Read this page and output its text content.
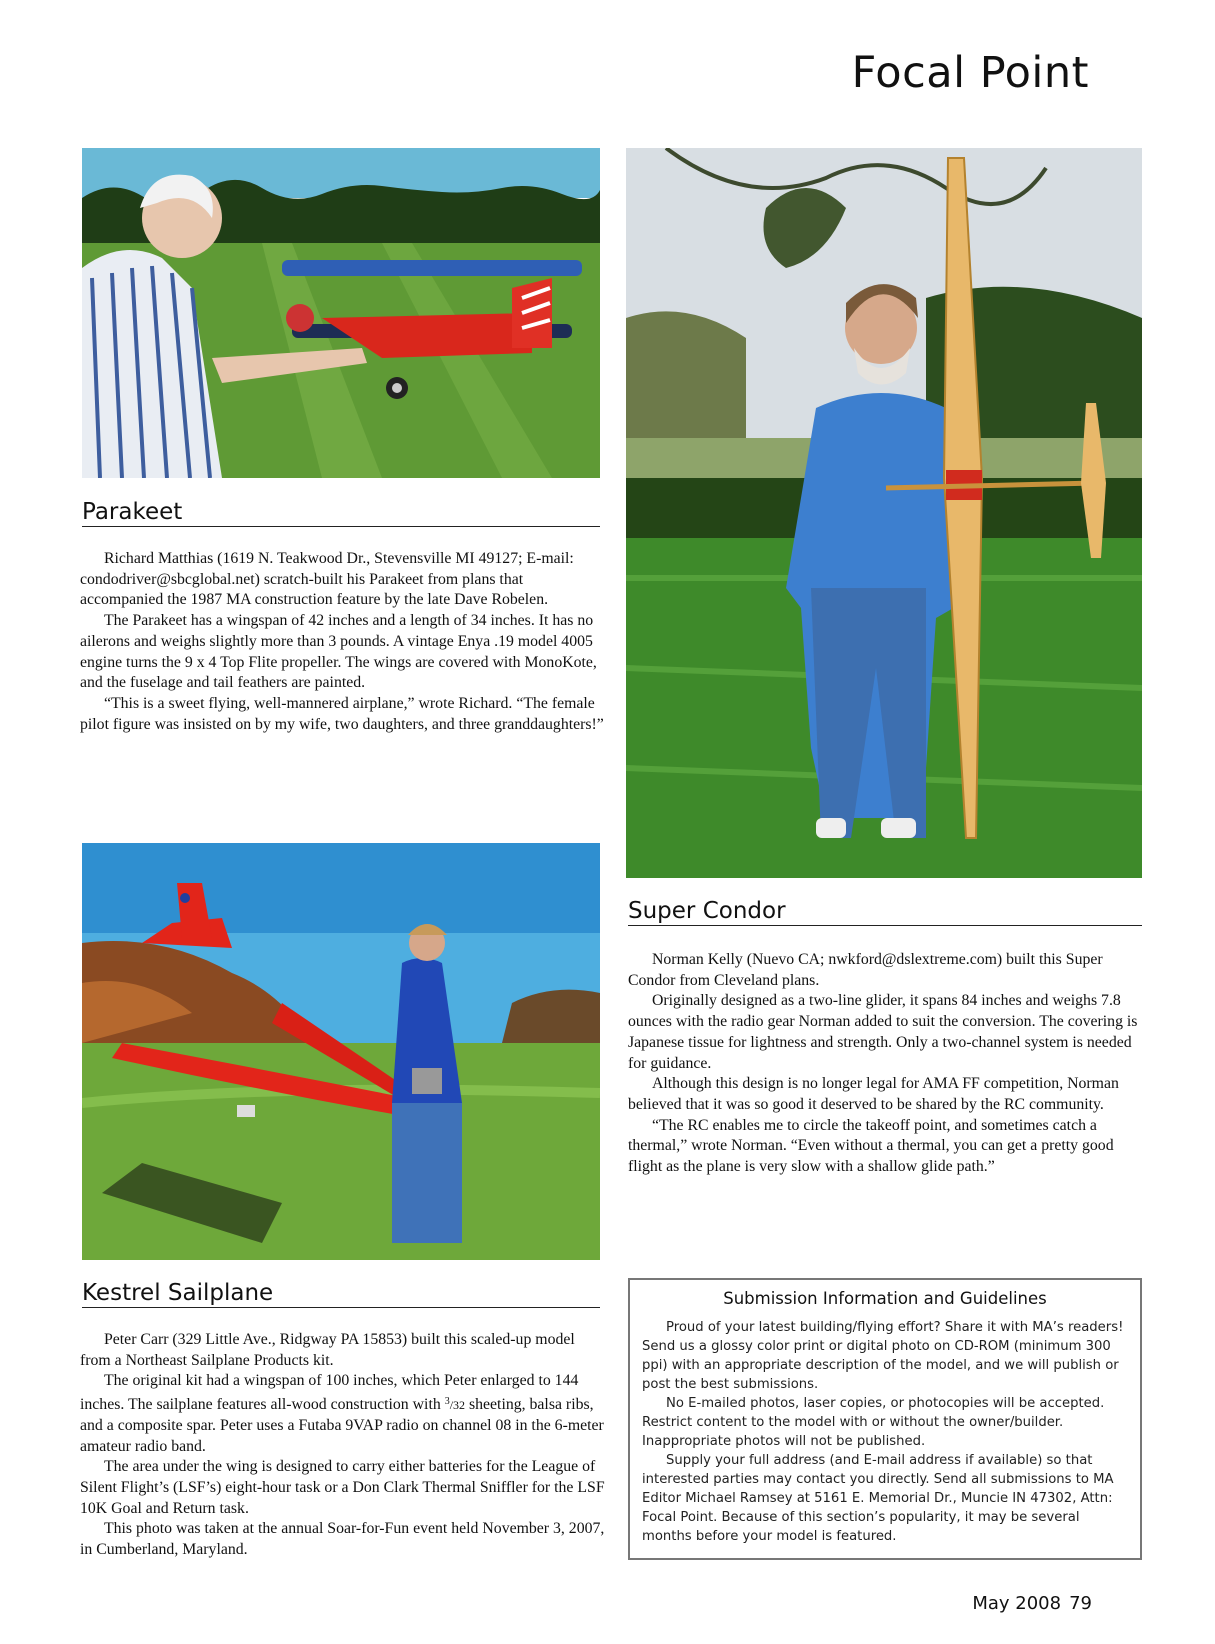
Focal Point
Parakeet

Richard Matthias (1619 N. Teakwood Dr., Stevensville MI 49127; E-mail: condodriver@sbcglobal.net) scratch-built his Parakeet from plans that accompanied the 1987 MA construction feature by the late Dave Robelen.

The Parakeet has a wingspan of 42 inches and a length of 34 inches. It has no ailerons and weighs slightly more than 3 pounds. A vintage Enya .19 model 4005 engine turns the 9 x 4 Top Flite propeller. The wings are covered with MonoKote, and the fuselage and tail feathers are painted.

“This is a sweet flying, well-mannered airplane,” wrote Richard. “The female pilot figure was insisted on by my wife, two daughters, and three granddaughters!”

Super Condor

Norman Kelly (Nuevo CA; nwkford@dslextreme.com) built this Super Condor from Cleveland plans.

Originally designed as a two-line glider, it spans 84 inches and weighs 7.8 ounces with the radio gear Norman added to suit the conversion. The covering is Japanese tissue for lightness and strength. Only a two-channel system is needed for guidance.

Although this design is no longer legal for AMA FF competition, Norman believed that it was so good it deserved to be shared by the RC community.

“The RC enables me to circle the takeoff point, and sometimes catch a thermal,” wrote Norman. “Even without a thermal, you can get a pretty good flight as the plane is very slow with a shallow glide path.”

Kestrel Sailplane

Peter Carr (329 Little Ave., Ridgway PA 15853) built this scaled-up model from a Northeast Sailplane Products kit.

The original kit had a wingspan of 100 inches, which Peter enlarged to 144 inches. The sailplane features all-wood construction with $^3$/32 sheeting, balsa ribs, and a composite spar. Peter uses a Futaba 9VAP radio on channel 08 in the 6-meter amateur radio band.

The area under the wing is designed to carry either batteries for the League of Silent Flight’s (LSF’s) eight-hour task or a Don Clark Thermal Sniffler for the LSF 10K Goal and Return task.

This photo was taken at the annual Soar-for-Fun event held November 3, 2007, in Cumberland, Maryland.

Submission Information and Guidelines

Proud of your latest building/flying effort? Share it with MA’s readers! Send us a glossy color print or digital photo on CD-ROM (minimum 300 ppi) with an appropriate description of the model, and we will publish or post the best submissions.

No E-mailed photos, laser copies, or photocopies will be accepted. Restrict content to the model with or without the owner/builder. Inappropriate photos will not be published.

Supply your full address (and E-mail address if available) so that interested parties may contact you directly. Send all submissions to MA Editor Michael Ramsey at 5161 E. Memorial Dr., Muncie IN 47302, Attn: Focal Point. Because of this section’s popularity, it may be several months before your model is featured.

May 2008 79
